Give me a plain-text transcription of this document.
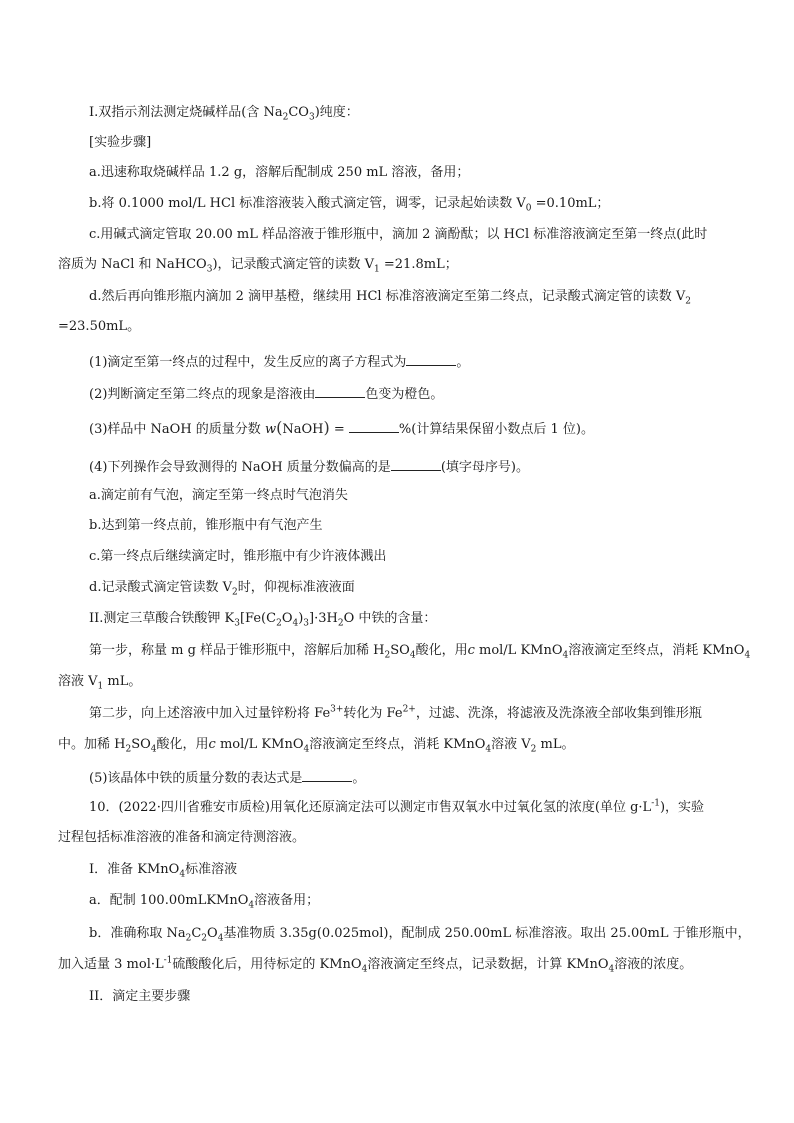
I.双指示剂法测定烧碱样品(含 $Na_2CO_3$)纯度：
[实验步骤]
a.迅速称取烧碱样品 1.2 g，溶解后配制成 250 mL 溶液，备用；
b.将 0.1000 mol/L HCl 标准溶液装入酸式滴定管，调零，记录起始读数 $V_0 =0.10mL$；
c.用碱式滴定管取 20.00 mL 样品溶液于锥形瓶中，滴加 2 滴酚酞；以 HCl 标准溶液滴定至第一终点(此时
溶质为 NaCl 和 NaHCO$_3$)，记录酸式滴定管的读数 $V_1 =21.8mL$；
d.然后再向锥形瓶内滴加 2 滴甲基橙，继续用 HCl 标准溶液滴定至第二终点，记录酸式滴定管的读数 $V_2$
=23.50mL。
(1)滴定至第一终点的过程中，发生反应的离子方程式为	。
(2)判断滴定至第二终点的现象是溶液由	色变为橙色。
(3)样品中 NaOH 的质量分数 w(NaOH) =	%(计算结果保留小数点后 1 位)。
(4)下列操作会导致测得的 NaOH 质量分数偏高的是	(填字母序号)。
a.滴定前有气泡，滴定至第一终点时气泡消失
b.达到第一终点前，锥形瓶中有气泡产生
c.第一终点后继续滴定时，锥形瓶中有少许液体溅出
d.记录酸式滴定管读数 $V_2$时，仰视标准液液面
II.测定三草酸合铁酸钾 $K_3[Fe(C_2O_4)_3]\cdot 3H_2O$ 中铁的含量：
第一步，称量 m g 样品于锥形瓶中，溶解后加稀 $H_2SO_4$酸化，用c mol/L KMnO$_4$溶液滴定至终点，消耗 KMnO$_4$
溶液 $V_1$ mL。
第二步，向上述溶液中加入过量锌粉将 $Fe^{3+}$转化为 $Fe^{2+}$，过滤、洗涤，将滤液及洗涤液全部收集到锥形瓶
中。加稀 $H_2SO_4$酸化，用c mol/L KMnO$_4$溶液滴定至终点，消耗 KMnO$_4$溶液 $V_2$ mL。
(5)该晶体中铁的质量分数的表达式是	。
10．(2022·四川省雅安市质检)用氧化还原滴定法可以测定市售双氧水中过氧化氢的浓度(单位 $g\cdot L^{-1}$)，实验
过程包括标准溶液的准备和滴定待测溶液。
I．准备 KMnO$_4$标准溶液
a．配制 100.00mLKMnO$_4$溶液备用；
b．准确称取 $Na_2C_2O_4$基准物质 3.35g(0.025mol)，配制成 250.00mL 标准溶液。取出 25.00mL 于锥形瓶中，
加入适量 3 $mol\cdot L^{-1}$硫酸酸化后，用待标定的 KMnO$_4$溶液滴定至终点，记录数据，计算 KMnO$_4$溶液的浓度。
II．滴定主要步骤
